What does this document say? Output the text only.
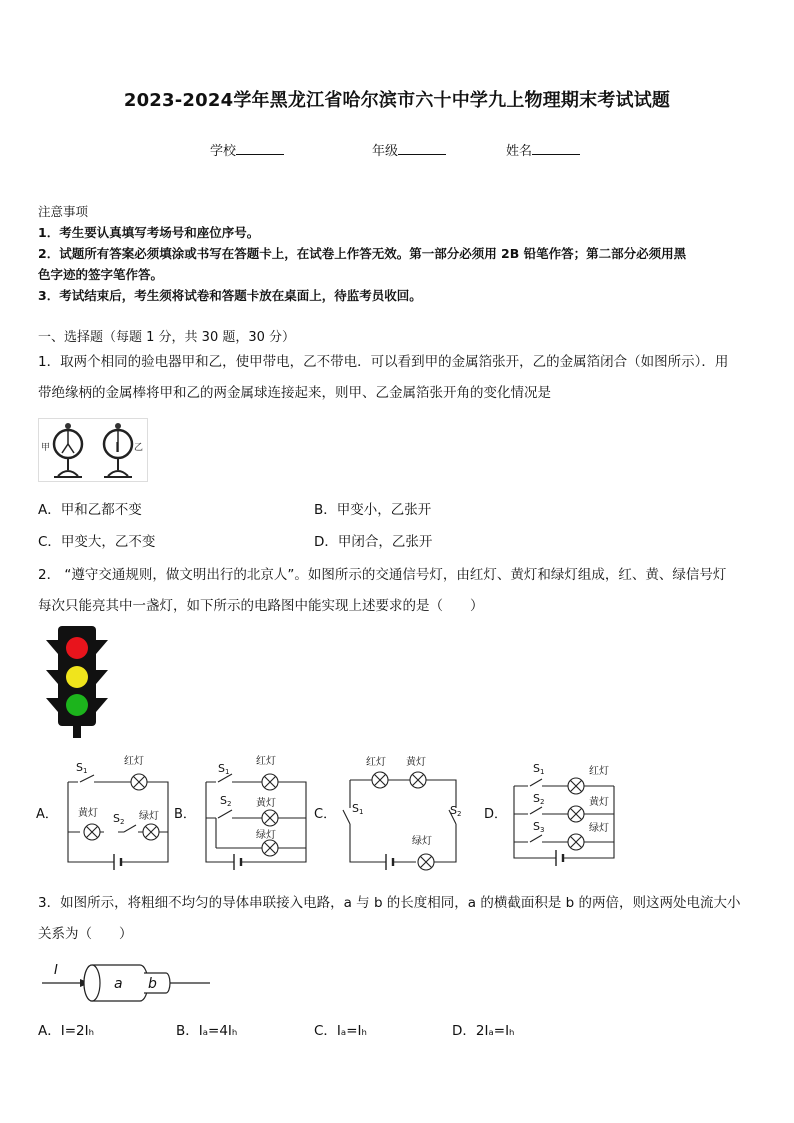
2023-2024学年黑龙江省哈尔滨市六十中学九上物理期末考试试题
学校	年级	姓名
注意事项

1．考生要认真填写考场号和座位序号。

2．试题所有答案必须填涂或书写在答题卡上，在试卷上作答无效。第一部分必须用 2B 铅笔作答；第二部分必须用黑

色字迹的签字笔作答。

3．考试结束后，考生须将试卷和答题卡放在桌面上，待监考员收回。

一、选择题（每题 1 分，共 30 题，30 分）
1．取两个相同的验电器甲和乙，使甲带电，乙不带电．可以看到甲的金属箔张开，乙的金属箔闭合（如图所示）．用
带绝缘柄的金属棒将甲和乙的两金属球连接起来，则甲、乙金属箔张开角的变化情况是
甲	乙
A．甲和乙都不变	B．甲变小，乙张开
C．甲变大，乙不变	D．甲闭合，乙张开
2． “遵守交通规则，做文明出行的北京人”。如图所示的交通信号灯，由红灯、黄灯和绿灯组成，红、黄、绿信号灯
每次只能亮其中一盏灯，如下所示的电路图中能实现上述要求的是（　　）
A．
S1
红灯
黄灯 S2 绿灯 B．
S1
红灯
S2 黄灯
绿灯
C．
红灯 黄灯
绿灯
S1	S2 D．
S1	红灯
S2	黄灯
S3	绿灯
3．如图所示，将粗细不均匀的导体串联接入电路，a 与 b 的长度相同，a 的横截面积是 b 的两倍，则这两处电流大小
关系为（　　）
I
a b
A．I=2Iₕ	B．Iₐ=4Iₕ	C．Iₐ=Iₕ	D．2Iₐ=Iₕ
